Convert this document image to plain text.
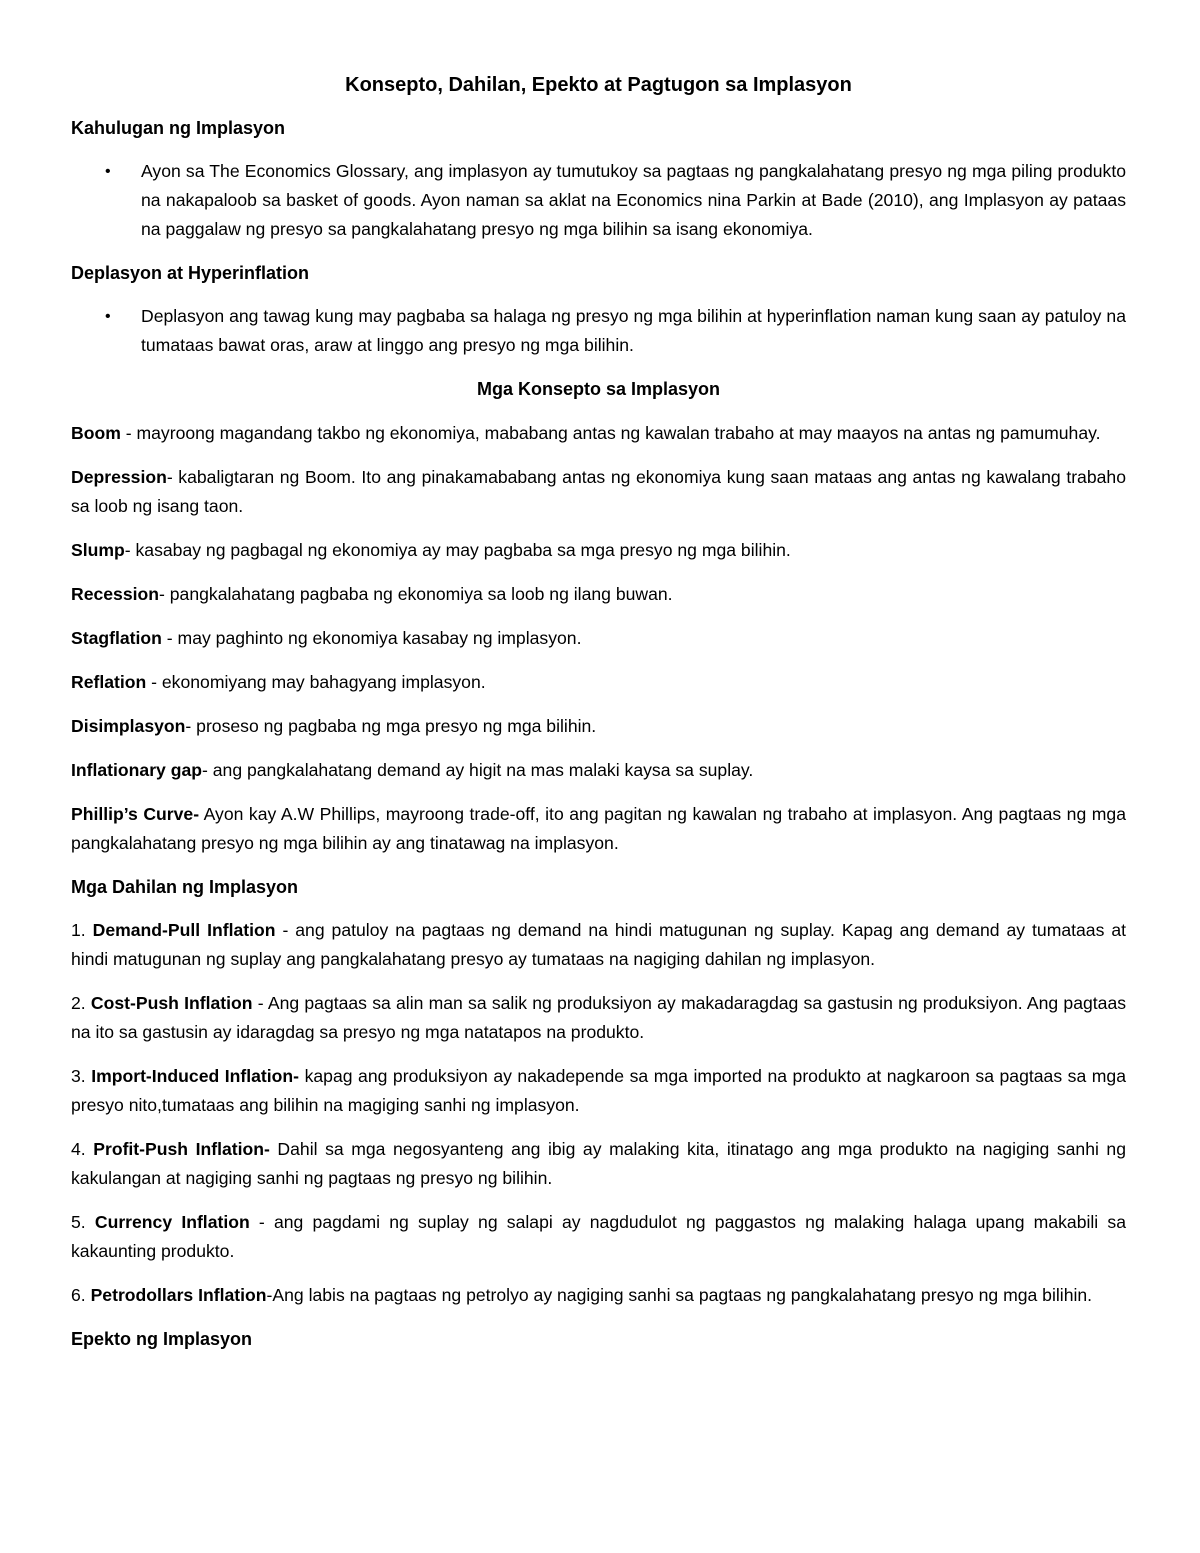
Konsepto, Dahilan, Epekto at Pagtugon sa Implasyon
Kahulugan ng Implasyon
• Ayon sa The Economics Glossary, ang implasyon ay tumutukoy sa pagtaas ng pangkalahatang presyo ng mga piling produkto na nakapaloob sa basket of goods. Ayon naman sa aklat na Economics nina Parkin at Bade (2010), ang Implasyon ay pataas na paggalaw ng presyo sa pangkalahatang presyo ng mga bilihin sa isang ekonomiya.
Deplasyon at Hyperinflation
• Deplasyon ang tawag kung may pagbaba sa halaga ng presyo ng mga bilihin at hyperinflation naman kung saan ay patuloy na tumataas bawat oras, araw at linggo ang presyo ng mga bilihin.
Mga Konsepto sa Implasyon
Boom - mayroong magandang takbo ng ekonomiya, mababang antas ng kawalan trabaho at may maayos na antas ng pamumuhay.
Depression- kabaligtaran ng Boom. Ito ang pinakamababang antas ng ekonomiya kung saan mataas ang antas ng kawalang trabaho sa loob ng isang taon.
Slump- kasabay ng pagbagal ng ekonomiya ay may pagbaba sa mga presyo ng mga bilihin.
Recession- pangkalahatang pagbaba ng ekonomiya sa loob ng ilang buwan.
Stagflation - may paghinto ng ekonomiya kasabay ng implasyon.
Reflation - ekonomiyang may bahagyang implasyon.
Disimplasyon- proseso ng pagbaba ng mga presyo ng mga bilihin.
Inflationary gap- ang pangkalahatang demand ay higit na mas malaki kaysa sa suplay.
Phillip’s Curve- Ayon kay A.W Phillips, mayroong trade-off, ito ang pagitan ng kawalan ng trabaho at implasyon. Ang pagtaas ng mga pangkalahatang presyo ng mga bilihin ay ang tinatawag na implasyon.
Mga Dahilan ng Implasyon
1. Demand-Pull Inflation - ang patuloy na pagtaas ng demand na hindi matugunan ng suplay. Kapag ang demand ay tumataas at hindi matugunan ng suplay ang pangkalahatang presyo ay tumataas na nagiging dahilan ng implasyon.
2. Cost-Push Inflation - Ang pagtaas sa alin man sa salik ng produksiyon ay makadaragdag sa gastusin ng produksiyon. Ang pagtaas na ito sa gastusin ay idaragdag sa presyo ng mga natatapos na produkto.
3. Import-Induced Inflation- kapag ang produksiyon ay nakadepende sa mga imported na produkto at nagkaroon sa pagtaas sa mga presyo nito,tumataas ang bilihin na magiging sanhi ng implasyon.
4. Profit-Push Inflation- Dahil sa mga negosyanteng ang ibig ay malaking kita, itinatago ang mga produkto na nagiging sanhi ng kakulangan at nagiging sanhi ng pagtaas ng presyo ng bilihin.
5. Currency Inflation - ang pagdami ng suplay ng salapi ay nagdudulot ng paggastos ng malaking halaga upang makabili sa kakaunting produkto.
6. Petrodollars Inflation-Ang labis na pagtaas ng petrolyo ay nagiging sanhi sa pagtaas ng pangkalahatang presyo ng mga bilihin.
Epekto ng Implasyon
